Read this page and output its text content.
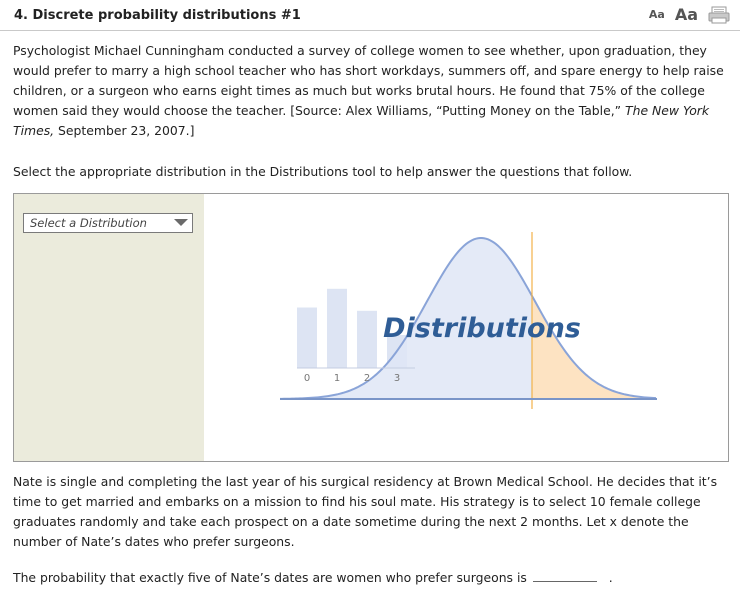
4. Discrete probability distributions #1	Aa Aa
Psychologist Michael Cunningham conducted a survey of college women to see whether, upon graduation, they would prefer to marry a high school teacher who has short workdays, summers off, and spare energy to help raise children, or a surgeon who earns eight times as much but works brutal hours. He found that 75% of the college women said they would choose the teacher. [Source: Alex Williams, “Putting Money on the Table,” The New York Times, September 23, 2007.]
Select the appropriate distribution in the Distributions tool to help answer the questions that follow.
Select a Distribution
0 1 2 3
Distributions
Nate is single and completing the last year of his surgical residency at Brown Medical School. He decides that it’s time to get married and embarks on a mission to find his soul mate. His strategy is to select 10 female college graduates randomly and take each prospect on a date sometime during the next 2 months. Let x denote the number of Nate’s dates who prefer surgeons.
The probability that exactly five of Nate’s dates are women who prefer surgeons is	.
